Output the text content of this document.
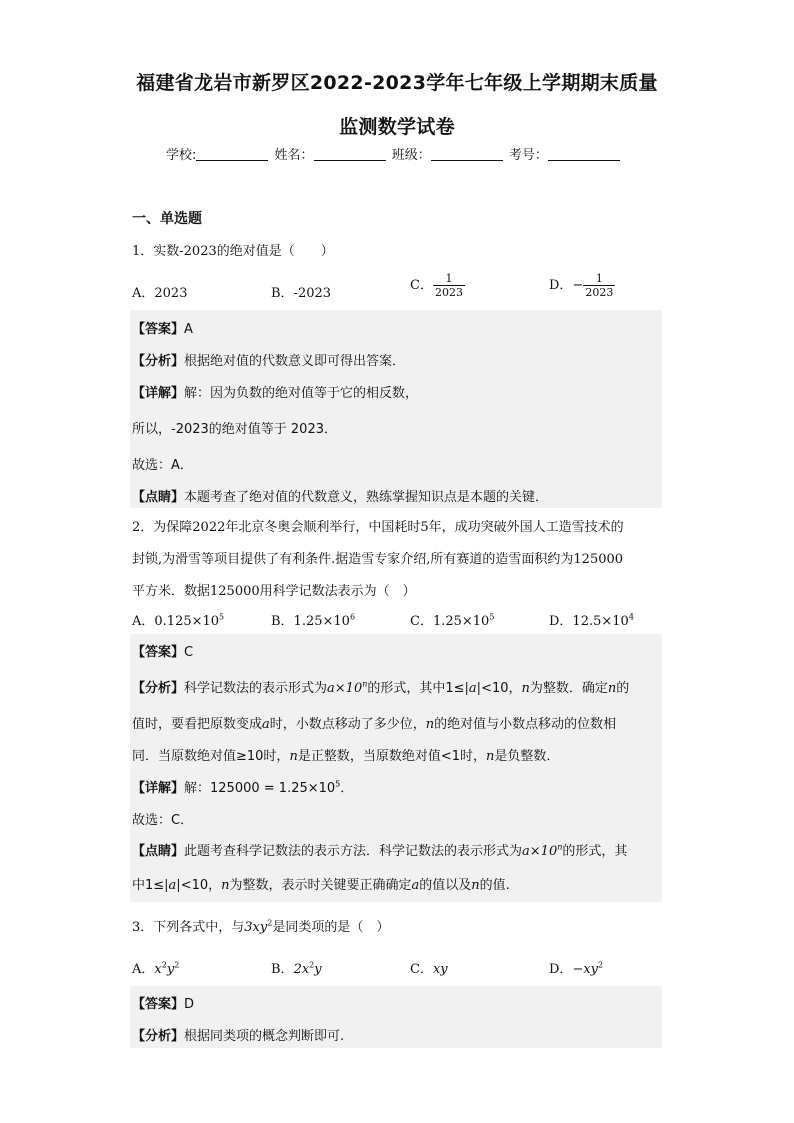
福建省龙岩市新罗区2022-2023学年七年级上学期期末质量
监测数学试卷
学校:	姓名：	班级：	考号：
一、单选题
1．实数-2023的绝对值是（　　）
A．2023	B．-2023
C． $\frac{1}{2023}$	D．− $\frac{1}{2023}$
【答案】A
【分析】根据绝对值的代数意义即可得出答案．
【详解】解：因为负数的绝对值等于它的相反数，
所以，-2023的绝对值等于 2023．
故选：A．
【点睛】本题考查了绝对值的代数意义，熟练掌握知识点是本题的关键．
2．为保障2022年北京冬奥会顺利举行，中国耗时5年，成功突破外国人工造雪技术的
封锁,为滑雪等项目提供了有利条件.据造雪专家介绍,所有赛道的造雪面积约为125000
平方米．数据125000用科学记数法表示为（　）
A．$0.125\times 10^5$	B．$1.25\times 10^6$	C．$1.25\times 10^5$	D．$12.5\times 10^4$
【答案】C
【分析】科学记数法的表示形式为$a\times 10^n$的形式，其中1≤|a|<10，n为整数．确定n的
值时，要看把原数变成a时，小数点移动了多少位，n的绝对值与小数点移动的位数相
同．当原数绝对值≥10时，n是正整数，当原数绝对值<1时，n是负整数．
【详解】解：$125000 = 1.25\times 10^5$．
故选：C．
【点睛】此题考查科学记数法的表示方法．科学记数法的表示形式为$a\times 10^n$的形式，其
中1≤|a|<10，n为整数，表示时关键要正确确定a的值以及n的值.
3．下列各式中，与$3xy^2$是同类项的是（　）
A．$x^2y^2$	B．$2x^2y$	C．xy	D．$-xy^2$
【答案】D
【分析】根据同类项的概念判断即可.
